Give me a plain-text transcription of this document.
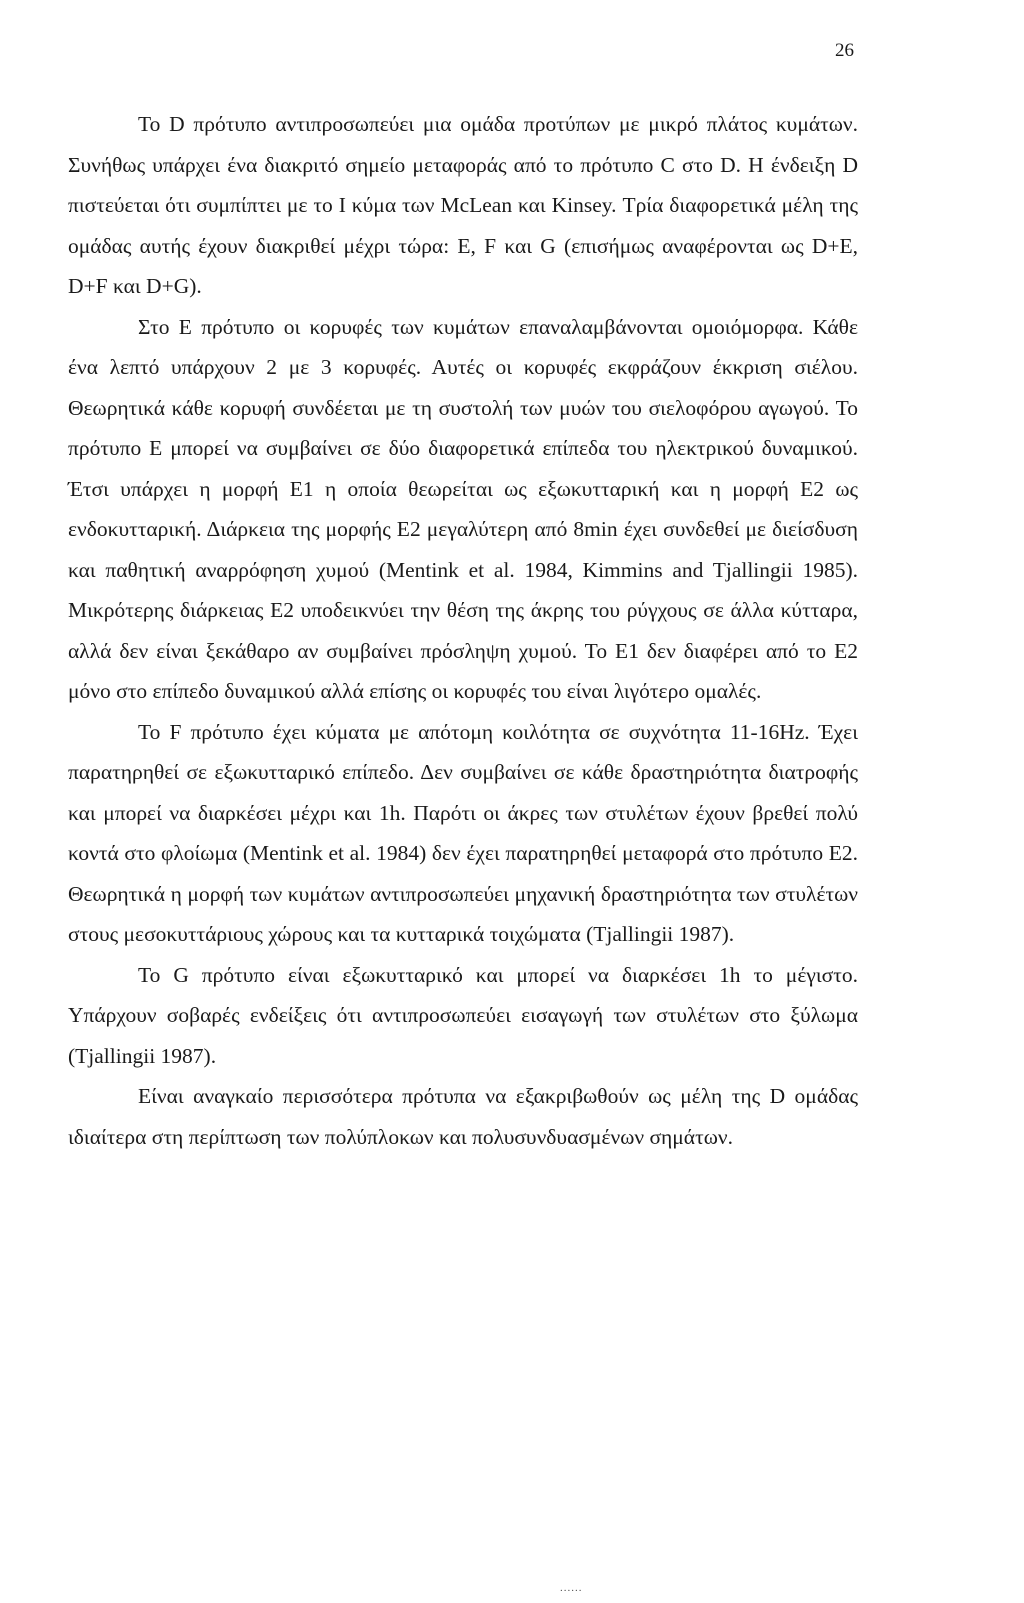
26

Το D πρότυπο αντιπροσωπεύει μια ομάδα προτύπων με μικρό πλάτος κυμάτων. Συνήθως υπάρχει ένα διακριτό σημείο μεταφοράς από το πρότυπο C στο D. Η ένδειξη D πιστεύεται ότι συμπίπτει με το I κύμα των McLean και Kinsey. Τρία διαφορετικά μέλη της ομάδας αυτής έχουν διακριθεί μέχρι τώρα: E, F και G (επισήμως αναφέρονται ως D+E, D+F και D+G).

Στο E πρότυπο οι κορυφές των κυμάτων επαναλαμβάνονται ομοιόμορφα. Κάθε ένα λεπτό υπάρχουν 2 με 3 κορυφές. Αυτές οι κορυφές εκφράζουν έκκριση σιέλου. Θεωρητικά κάθε κορυφή συνδέεται με τη συστολή των μυών του σιελοφόρου αγωγού. Το πρότυπο E μπορεί να συμβαίνει σε δύο διαφορετικά επίπεδα του ηλεκτρικού δυναμικού. Έτσι υπάρχει η μορφή E1 η οποία θεωρείται ως εξωκυτταρική και η μορφή E2 ως ενδοκυτταρική. Διάρκεια της μορφής E2 μεγαλύτερη από 8min έχει συνδεθεί με διείσδυση και παθητική αναρρόφηση χυμού (Mentink et al. 1984, Kimmins and Tjallingii 1985). Μικρότερης διάρκειας E2 υποδεικνύει την θέση της άκρης του ρύγχους σε άλλα κύτταρα, αλλά δεν είναι ξεκάθαρο αν συμβαίνει πρόσληψη χυμού. Το E1 δεν διαφέρει από το E2 μόνο στο επίπεδο δυναμικού αλλά επίσης οι κορυφές του είναι λιγότερο ομαλές.

Το F πρότυπο έχει κύματα με απότομη κοιλότητα σε συχνότητα 11-16Hz. Έχει παρατηρηθεί σε εξωκυτταρικό επίπεδο. Δεν συμβαίνει σε κάθε δραστηριότητα διατροφής και μπορεί να διαρκέσει μέχρι και 1h. Παρότι οι άκρες των στυλέτων έχουν βρεθεί πολύ κοντά στο φλοίωμα (Mentink et al. 1984) δεν έχει παρατηρηθεί μεταφορά στο πρότυπο E2. Θεωρητικά η μορφή των κυμάτων αντιπροσωπεύει μηχανική δραστηριότητα των στυλέτων στους μεσοκυττάριους χώρους και τα κυτταρικά τοιχώματα (Tjallingii 1987).

Το G πρότυπο είναι εξωκυτταρικό και μπορεί να διαρκέσει 1h το μέγιστο. Υπάρχουν σοβαρές ενδείξεις ότι αντιπροσωπεύει εισαγωγή των στυλέτων στο ξύλωμα (Tjallingii 1987).

Είναι αναγκαίο περισσότερα πρότυπα να εξακριβωθούν ως μέλη της D ομάδας ιδιαίτερα στη περίπτωση των πολύπλοκων και πολυσυνδυασμένων σημάτων.

......
